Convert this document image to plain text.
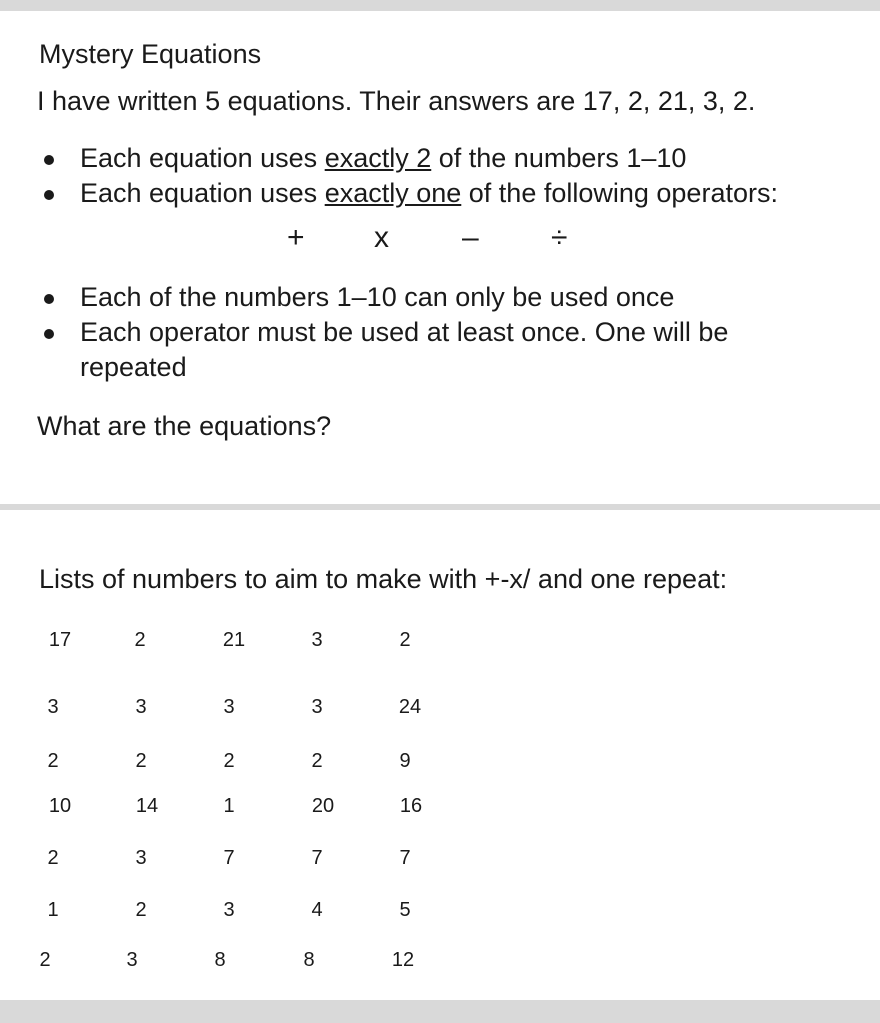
Mystery Equations

I have written 5 equations. Their answers are 17, 2, 21, 3, 2.

Each equation uses exactly 2 of the numbers 1–10
Each equation uses exactly one of the following operators:
+ x – ÷
Each of the numbers 1–10 can only be used once
Each operator must be used at least once. One will be repeated

What are the equations?

Lists of numbers to aim to make with +-x/ and one repeat:
17	2	21	3	2
3	3	3	3	24
2	2	2	2	9
10	14	1	20	16
2	3	7	7	7
1	2	3	4	5
2	3	8	8	12
